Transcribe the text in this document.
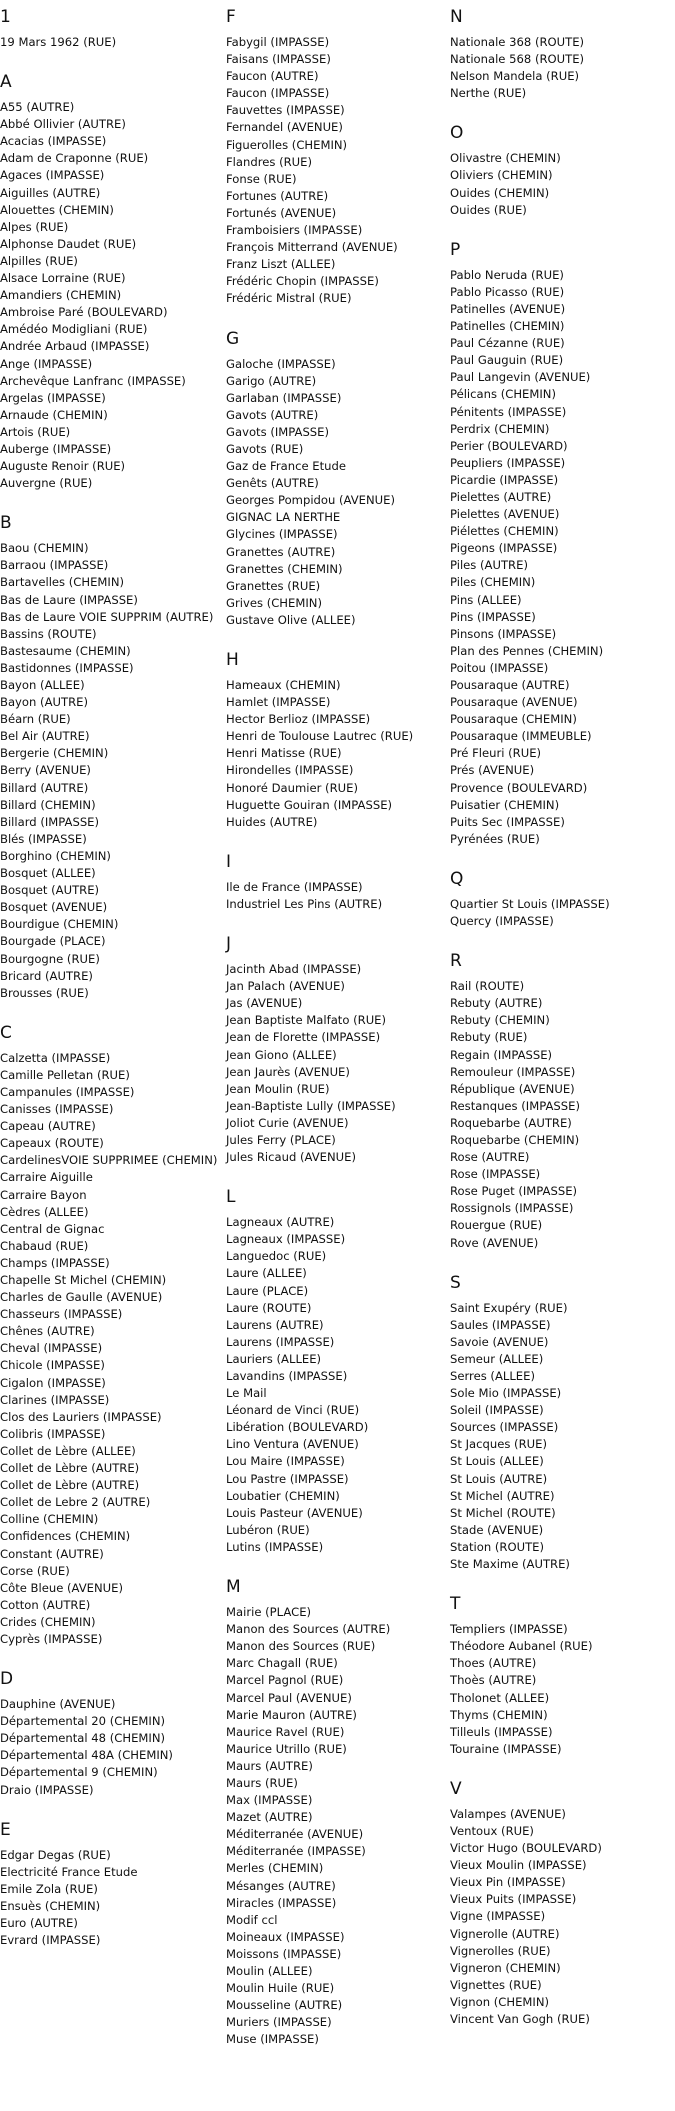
1
19 Mars 1962 (RUE)
A
A55 (AUTRE)
Abbé Ollivier (AUTRE)
Acacias (IMPASSE)
Adam de Craponne (RUE)
Agaces (IMPASSE)
Aiguilles (AUTRE)
Alouettes (CHEMIN)
Alpes (RUE)
Alphonse Daudet (RUE)
Alpilles (RUE)
Alsace Lorraine (RUE)
Amandiers (CHEMIN)
Ambroise Paré (BOULEVARD)
Amédéo Modigliani (RUE)
Andrée Arbaud (IMPASSE)
Ange (IMPASSE)
Archevêque Lanfranc (IMPASSE)
Argelas (IMPASSE)
Arnaude (CHEMIN)
Artois (RUE)
Auberge (IMPASSE)
Auguste Renoir (RUE)
Auvergne (RUE)
B
Baou (CHEMIN)
Barraou (IMPASSE)
Bartavelles (CHEMIN)
Bas de Laure (IMPASSE)
Bas de Laure VOIE SUPPRIM (AUTRE)
Bassins (ROUTE)
Bastesaume (CHEMIN)
Bastidonnes (IMPASSE)
Bayon (ALLEE)
Bayon (AUTRE)
Béarn (RUE)
Bel Air (AUTRE)
Bergerie (CHEMIN)
Berry (AVENUE)
Billard (AUTRE)
Billard (CHEMIN)
Billard (IMPASSE)
Blés (IMPASSE)
Borghino (CHEMIN)
Bosquet (ALLEE)
Bosquet (AUTRE)
Bosquet (AVENUE)
Bourdigue (CHEMIN)
Bourgade (PLACE)
Bourgogne (RUE)
Bricard (AUTRE)
Brousses (RUE)
C
Calzetta (IMPASSE)
Camille Pelletan (RUE)
Campanules (IMPASSE)
Canisses (IMPASSE)
Capeau (AUTRE)
Capeaux (ROUTE)
CardelinesVOIE SUPPRIMEE (CHEMIN)
Carraire Aiguille
Carraire Bayon
Cèdres (ALLEE)
Central de Gignac
Chabaud (RUE)
Champs (IMPASSE)
Chapelle St Michel (CHEMIN)
Charles de Gaulle (AVENUE)
Chasseurs (IMPASSE)
Chênes (AUTRE)
Cheval (IMPASSE)
Chicole (IMPASSE)
Cigalon (IMPASSE)
Clarines (IMPASSE)
Clos des Lauriers (IMPASSE)
Colibris (IMPASSE)
Collet de Lèbre (ALLEE)
Collet de Lèbre (AUTRE)
Collet de Lèbre (AUTRE)
Collet de Lebre 2 (AUTRE)
Colline (CHEMIN)
Confidences (CHEMIN)
Constant (AUTRE)
Corse (RUE)
Côte Bleue (AVENUE)
Cotton (AUTRE)
Crides (CHEMIN)
Cyprès (IMPASSE)
D
Dauphine (AVENUE)
Départemental 20 (CHEMIN)
Départemental 48 (CHEMIN)
Départemental 48A (CHEMIN)
Départemental 9 (CHEMIN)
Draio (IMPASSE)
E
Edgar Degas (RUE)
Electricité France Etude
Emile Zola (RUE)
Ensuès (CHEMIN)
Euro (AUTRE)
Evrard (IMPASSE)
F
Fabygil (IMPASSE)
Faisans (IMPASSE)
Faucon (AUTRE)
Faucon (IMPASSE)
Fauvettes (IMPASSE)
Fernandel (AVENUE)
Figuerolles (CHEMIN)
Flandres (RUE)
Fonse (RUE)
Fortunes (AUTRE)
Fortunés (AVENUE)
Framboisiers (IMPASSE)
François Mitterrand (AVENUE)
Franz Liszt (ALLEE)
Frédéric Chopin (IMPASSE)
Frédéric Mistral (RUE)
G
Galoche (IMPASSE)
Garigo (AUTRE)
Garlaban (IMPASSE)
Gavots (AUTRE)
Gavots (IMPASSE)
Gavots (RUE)
Gaz de France Etude
Genêts (AUTRE)
Georges Pompidou (AVENUE)
GIGNAC LA NERTHE
Glycines (IMPASSE)
Granettes (AUTRE)
Granettes (CHEMIN)
Granettes (RUE)
Grives (CHEMIN)
Gustave Olive (ALLEE)
H
Hameaux (CHEMIN)
Hamlet (IMPASSE)
Hector Berlioz (IMPASSE)
Henri de Toulouse Lautrec (RUE)
Henri Matisse (RUE)
Hirondelles (IMPASSE)
Honoré Daumier (RUE)
Huguette Gouiran (IMPASSE)
Huides (AUTRE)
I
Ile de France (IMPASSE)
Industriel Les Pins (AUTRE)
J
Jacinth Abad (IMPASSE)
Jan Palach (AVENUE)
Jas (AVENUE)
Jean Baptiste Malfato (RUE)
Jean de Florette (IMPASSE)
Jean Giono (ALLEE)
Jean Jaurès (AVENUE)
Jean Moulin (RUE)
Jean-Baptiste Lully (IMPASSE)
Joliot Curie (AVENUE)
Jules Ferry (PLACE)
Jules Ricaud (AVENUE)
L
Lagneaux (AUTRE)
Lagneaux (IMPASSE)
Languedoc (RUE)
Laure (ALLEE)
Laure (PLACE)
Laure (ROUTE)
Laurens (AUTRE)
Laurens (IMPASSE)
Lauriers (ALLEE)
Lavandins (IMPASSE)
Le Mail
Léonard de Vinci (RUE)
Libération (BOULEVARD)
Lino Ventura (AVENUE)
Lou Maire (IMPASSE)
Lou Pastre (IMPASSE)
Loubatier (CHEMIN)
Louis Pasteur (AVENUE)
Lubéron (RUE)
Lutins (IMPASSE)
M
Mairie (PLACE)
Manon des Sources (AUTRE)
Manon des Sources (RUE)
Marc Chagall (RUE)
Marcel Pagnol (RUE)
Marcel Paul (AVENUE)
Marie Mauron (AUTRE)
Maurice Ravel (RUE)
Maurice Utrillo (RUE)
Maurs (AUTRE)
Maurs (RUE)
Max (IMPASSE)
Mazet (AUTRE)
Méditerranée (AVENUE)
Méditerranée (IMPASSE)
Merles (CHEMIN)
Mésanges (AUTRE)
Miracles (IMPASSE)
Modif ccl
Moineaux (IMPASSE)
Moissons (IMPASSE)
Moulin (ALLEE)
Moulin Huile (RUE)
Mousseline (AUTRE)
Muriers (IMPASSE)
Muse (IMPASSE)
N
Nationale 368 (ROUTE)
Nationale 568 (ROUTE)
Nelson Mandela (RUE)
Nerthe (RUE)
O
Olivastre (CHEMIN)
Oliviers (CHEMIN)
Ouides (CHEMIN)
Ouides (RUE)
P
Pablo Neruda (RUE)
Pablo Picasso (RUE)
Patinelles (AVENUE)
Patinelles (CHEMIN)
Paul Cézanne (RUE)
Paul Gauguin (RUE)
Paul Langevin (AVENUE)
Pélicans (CHEMIN)
Pénitents (IMPASSE)
Perdrix (CHEMIN)
Perier (BOULEVARD)
Peupliers (IMPASSE)
Picardie (IMPASSE)
Pielettes (AUTRE)
Pielettes (AVENUE)
Piélettes (CHEMIN)
Pigeons (IMPASSE)
Piles (AUTRE)
Piles (CHEMIN)
Pins (ALLEE)
Pins (IMPASSE)
Pinsons (IMPASSE)
Plan des Pennes (CHEMIN)
Poitou (IMPASSE)
Pousaraque (AUTRE)
Pousaraque (AVENUE)
Pousaraque (CHEMIN)
Pousaraque (IMMEUBLE)
Pré Fleuri (RUE)
Prés (AVENUE)
Provence (BOULEVARD)
Puisatier (CHEMIN)
Puits Sec (IMPASSE)
Pyrénées (RUE)
Q
Quartier St Louis (IMPASSE)
Quercy (IMPASSE)
R
Rail (ROUTE)
Rebuty (AUTRE)
Rebuty (CHEMIN)
Rebuty (RUE)
Regain (IMPASSE)
Remouleur (IMPASSE)
République (AVENUE)
Restanques (IMPASSE)
Roquebarbe (AUTRE)
Roquebarbe (CHEMIN)
Rose (AUTRE)
Rose (IMPASSE)
Rose Puget (IMPASSE)
Rossignols (IMPASSE)
Rouergue (RUE)
Rove (AVENUE)
S
Saint Exupéry (RUE)
Saules (IMPASSE)
Savoie (AVENUE)
Semeur (ALLEE)
Serres (ALLEE)
Sole Mio (IMPASSE)
Soleil (IMPASSE)
Sources (IMPASSE)
St Jacques (RUE)
St Louis (ALLEE)
St Louis (AUTRE)
St Michel (AUTRE)
St Michel (ROUTE)
Stade (AVENUE)
Station (ROUTE)
Ste Maxime (AUTRE)
T
Templiers (IMPASSE)
Théodore Aubanel (RUE)
Thoes (AUTRE)
Thoès (AUTRE)
Tholonet (ALLEE)
Thyms (CHEMIN)
Tilleuls (IMPASSE)
Touraine (IMPASSE)
V
Valampes (AVENUE)
Ventoux (RUE)
Victor Hugo (BOULEVARD)
Vieux Moulin (IMPASSE)
Vieux Pin (IMPASSE)
Vieux Puits (IMPASSE)
Vigne (IMPASSE)
Vignerolle (AUTRE)
Vignerolles (RUE)
Vigneron (CHEMIN)
Vignettes (RUE)
Vignon (CHEMIN)
Vincent Van Gogh (RUE)
